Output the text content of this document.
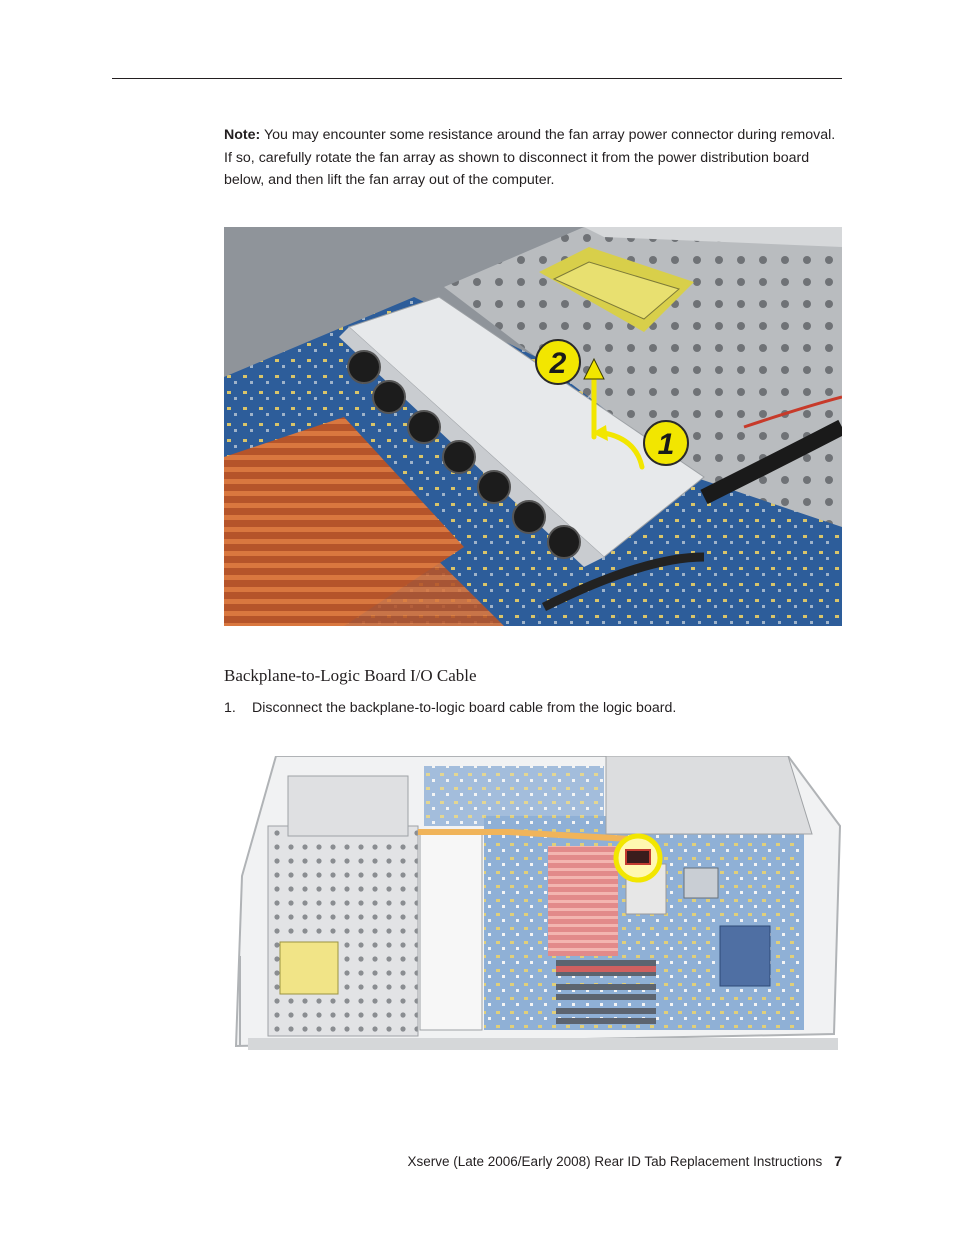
Note: You may encounter some resistance around the fan array power connector during removal. If so, carefully rotate the fan array as shown to disconnect it from the power distribution board below, and then lift the fan array out of the computer.

2
1
Backplane-to-Logic Board I/O Cable
1.	Disconnect the backplane-to-logic board cable from the logic board.
Xserve (Late 2006/Early 2008) Rear ID Tab Replacement Instructions 7
